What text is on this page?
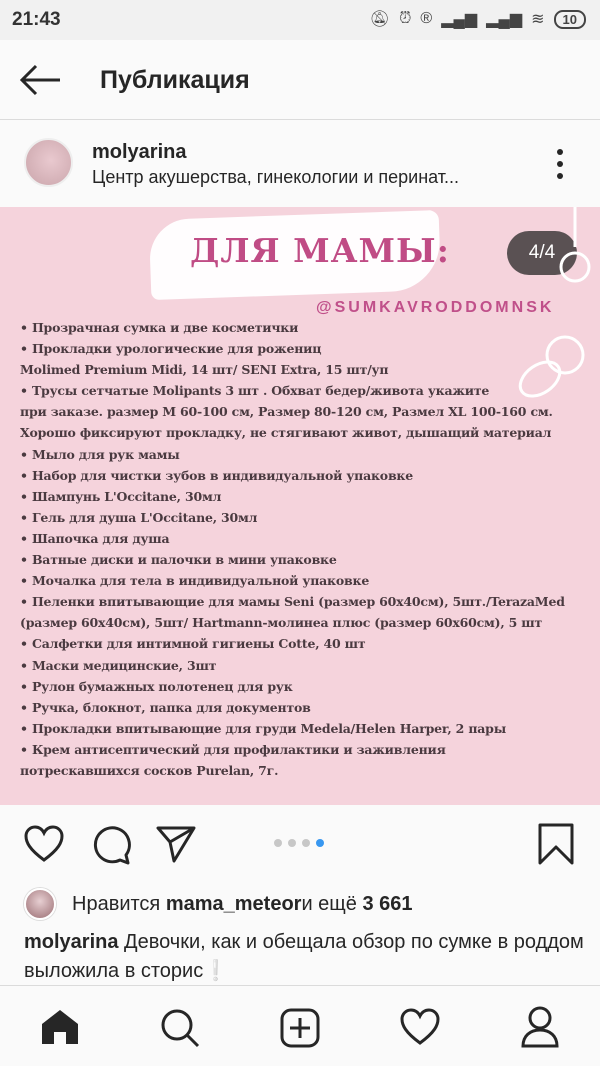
21:43	🔕︎ ⏰︎ ® ▂▄▆ ▂▄▆ ≋	10
Публикация
molyarina
Центр акушерства, гинекологии и перинат...
ДЛЯ МАМЫ:
@SUMKAVRODDOMNSK
4/4
• Прозрачная сумка и две косметички
• Прокладки урологические для рожениц
Molimed Premium Midi, 14 шт/ SENI Extra, 15 шт/уп
• Трусы сетчатые Molipants 3 шт . Обхват бедер/живота укажите
при заказе. размер M 60-100 см, Размер 80-120 см, Размел XL 100-160 см.
Хорошо фиксируют прокладку, не стягивают живот, дышащий материал
• Мыло для рук мамы
• Набор для чистки зубов в индивидуальной упаковке
• Шампунь L'Occitane, 30мл
• Гель для душа L'Occitane, 30мл
• Шапочка для душа
• Ватные диски и палочки в мини упаковке
• Мочалка для тела в индивидуальной упаковке
• Пеленки впитывающие для мамы Seni (размер 60х40см), 5шт./TerazaMed
(размер 60х40см), 5шт/ Hartmann-молинеа плюс (размер 60х60см), 5 шт
• Салфетки для интимной гигиены Cotte, 40 шт
• Маски медицинские, 3шт
• Рулон бумажных полотенец для рук
• Ручка, блокнот, папка для документов
• Прокладки впитывающие для груди Medela/Helen Harper, 2 пары
• Крем антисептический для профилактики и заживления
потрескавшихся сосков Purelan, 7г.
Нравится
mama_meteor и ещё
3 661
molyarina Девочки, как и обещала обзор по сумке в роддом выложила в сторис❕
